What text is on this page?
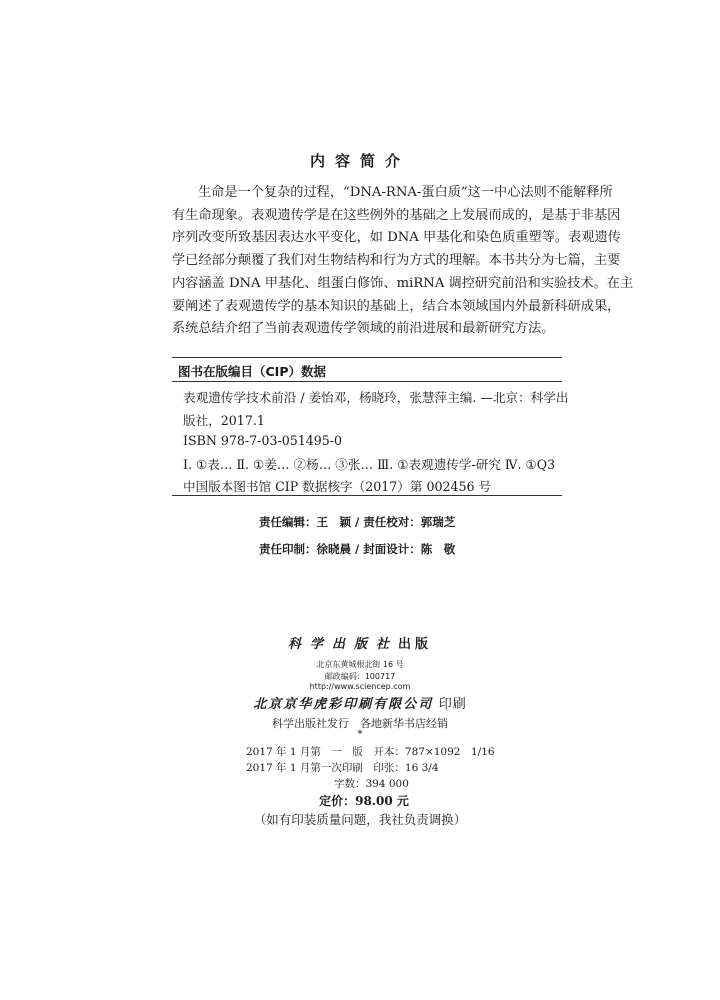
内容简介
生命是一个复杂的过程，“DNA-RNA-蛋白质”这一中心法则不能解释所
有生命现象。表观遗传学是在这些例外的基础之上发展而成的，是基于非基因
序列改变所致基因表达水平变化，如 DNA 甲基化和染色质重塑等。表观遗传
学已经部分颠覆了我们对生物结构和行为方式的理解。本书共分为七篇，主要
内容涵盖 DNA 甲基化、组蛋白修饰、miRNA 调控研究前沿和实验技术。在主
要阐述了表观遗传学的基本知识的基础上，结合本领域国内外最新科研成果，
系统总结介绍了当前表观遗传学领域的前沿进展和最新研究方法。
图书在版编目（CIP）数据
表观遗传学技术前沿 / 姜怡邓，杨晓玲，张慧萍主编. —北京：科学出
版社，2017.1
ISBN 978-7-03-051495-0
Ⅰ. ①表… Ⅱ. ①姜… ②杨… ③张… Ⅲ. ①表观遗传学-研究 Ⅳ. ①Q3
中国版本图书馆 CIP 数据核字（2017）第 002456 号
责任编辑：王　颖 / 责任校对：郭瑞芝
责任印制：徐晓晨 / 封面设计：陈　敬
科学出版社出版
北京东黄城根北街 16 号
邮政编码：100717
http://www.sciencep.com
北京京华虎彩印刷有限公司 印刷
科学出版社发行　各地新华书店经销
*
2017 年 1 月第　一　版　开本：787×1092　1/16
2017 年 1 月第一次印刷　印张：16 3/4
字数：394 000
定价：98.00 元
（如有印装质量问题，我社负责调换）
